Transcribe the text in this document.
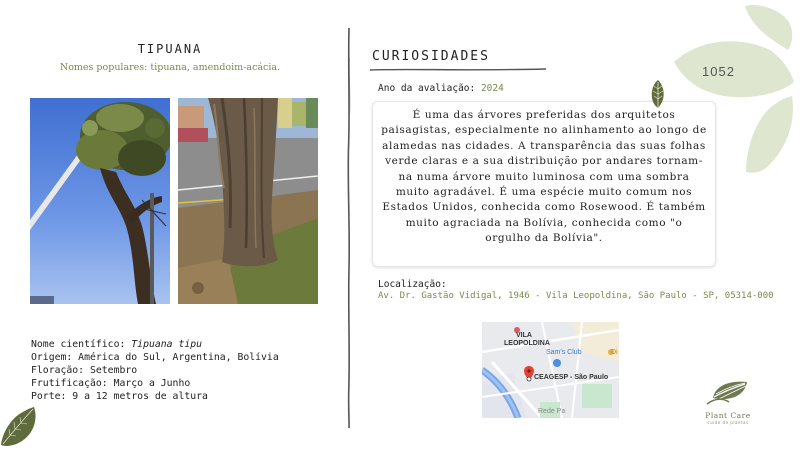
TIPUANA
Nomes populares: tipuana, amendoim-acácia.
Nome científico: Tipuana tipu
Origem: América do Sul, Argentina, Bolívia
Floração: Setembro
Frutificação: Março a Junho
Porte: 9 a 12 metros de altura
CURIOSIDADES
Ano da avaliação: 2024

É uma das árvores preferidas dos arquitetos paisagistas, especialmente no alinhamento ao longo de alamedas nas cidades. A transparência das suas folhas verde claras e a sua distribuição por andares tornam-na numa árvore muito luminosa com uma sombra muito agradável. É uma espécie muito comum nos Estados Unidos, conhecida como Rosewood. É também muito agraciada na Bolívia, conhecida como "o orgulho da Bolívia".

Localização:
Av. Dr. Gastão Vidigal, 1946 - Vila Leopoldina, São Paulo - SP, 05314-000
VILA
LEOPOLDINA
Sam's Club
CEAGESP - São Paulo
Rede Pa
Di
1052
Plant Care
cuide de plantas
